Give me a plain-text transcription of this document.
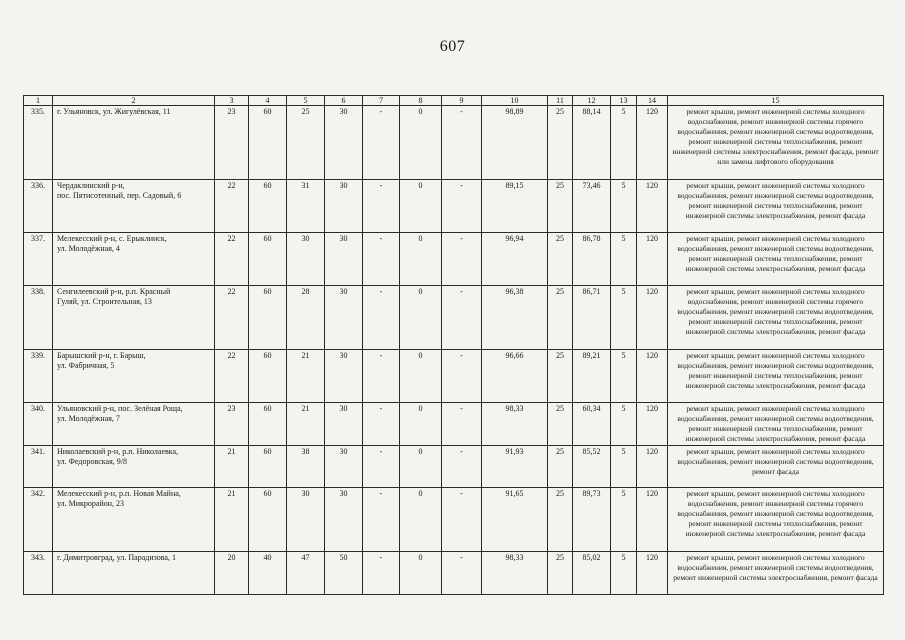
607
1	2	3	4	5	6	7	8	9	10	11	12	13	14	15
335.	г. Ульяновск, ул. Жигулёвская, 11	23	60	25	30	-	0	-	98,89	25	88,14	5	120	ремонт крыши, ремонт инженерной системы холодного водоснабжения, ремонт инженерной системы горячего водоснабжения, ремонт инженерной системы водоотведения, ремонт инженерной системы теплоснабжения, ремонт инженерной системы электроснабжения, ремонт фасада, ремонт или замена лифтового оборудования
336.	Чердаклинский р-н,
пос. Пятисотенный, пер. Садовый, 6	22	60	31	30	-	0	-	89,15	25	73,46	5	120	ремонт крыши, ремонт инженерной системы холодного водоснабжения, ремонт инженерной системы водоотведения, ремонт инженерной системы теплоснабжения, ремонт инженерной системы электроснабжения, ремонт фасада
337.	Мелекесский р-н, с. Ерыклинск,
ул. Молодёжная, 4	22	60	30	30	-	0	-	96,94	25	86,78	5	120	ремонт крыши, ремонт инженерной системы холодного водоснабжения, ремонт инженерной системы водоотведения, ремонт инженерной системы теплоснабжения, ремонт инженерной системы электроснабжения, ремонт фасада
338.	Сенгилеевский р-н, р.п. Красный
Гуляй, ул. Строительная, 13	22	60	28	30	-	0	-	96,38	25	86,71	5	120	ремонт крыши, ремонт инженерной системы холодного водоснабжения, ремонт инженерной системы горячего водоснабжения, ремонт инженерной системы водоотведения, ремонт инженерной системы теплоснабжения, ремонт инженерной системы электроснабжения, ремонт фасада
339.	Барышский р-н, г. Барыш,
ул. Фабричная, 5	22	60	21	30	-	0	-	96,66	25	89,21	5	120	ремонт крыши, ремонт инженерной системы холодного водоснабжения, ремонт инженерной системы водоотведения, ремонт инженерной системы теплоснабжения, ремонт инженерной системы электроснабжения, ремонт фасада
340.	Ульяновский р-н, пос. Зелёная Роща,
ул. Молодёжная, 7	23	60	21	30	-	0	-	98,33	25	60,34	5	120	ремонт крыши, ремонт инженерной системы холодного водоснабжения, ремонт инженерной системы водоотведения, ремонт инженерной системы теплоснабжения, ремонт инженерной системы электроснабжения, ремонт фасада
341.	Николаевский р-н, р.п. Николаевка,
ул. Федоровская, 9/8	21	60	38	30	-	0	-	91,93	25	85,52	5	120	ремонт крыши, ремонт инженерной системы холодного водоснабжения, ремонт инженерной системы водоотведения, ремонт фасада
342.	Мелекесский р-н, р.п. Новая Майна,
ул. Микрорайон, 23	21	60	30	30	-	0	-	91,65	25	89,73	5	120	ремонт крыши, ремонт инженерной системы холодного водоснабжения, ремонт инженерной системы горячего водоснабжения, ремонт инженерной системы водоотведения, ремонт инженерной системы теплоснабжения, ремонт инженерной системы электроснабжения, ремонт фасада
343.	г. Димитровград, ул. Парадизова, 1	20	40	47	50	-	0	-	98,33	25	85,02	5	120	ремонт крыши, ремонт инженерной системы холодного водоснабжения, ремонт инженерной системы водоотведения, ремонт инженерной системы электроснабжения, ремонт фасада
